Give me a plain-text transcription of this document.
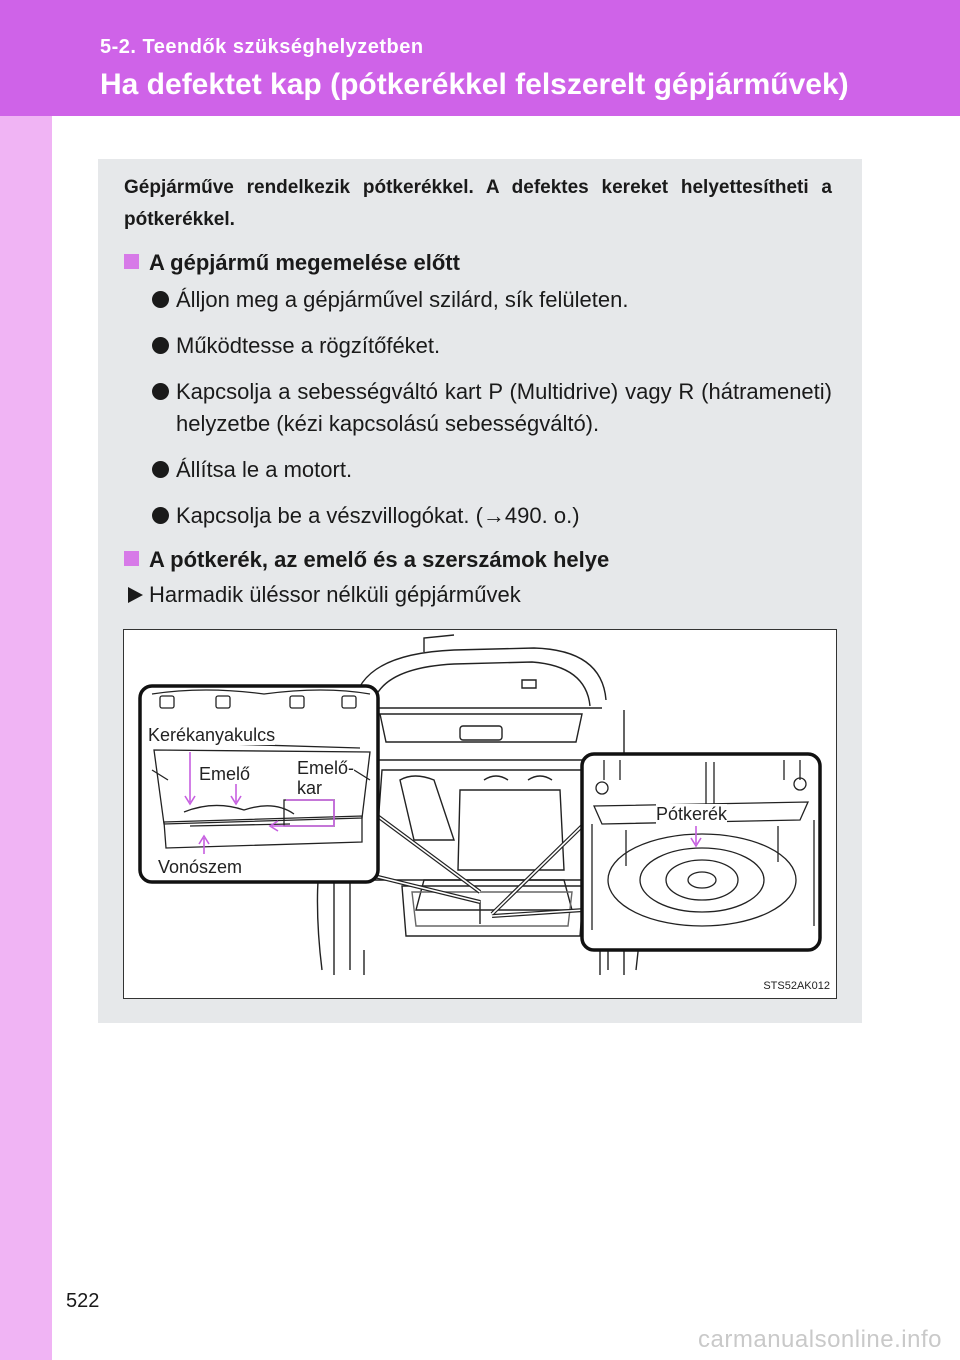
5-2. Teendők szükséghelyzetben
Ha defektet kap (pótkerékkel felszerelt gépjárművek)
Gépjárműve rendelkezik pótkerékkel. A defektes kereket helyettesítheti a pótkerékkel.
A gépjármű megemelése előtt
Álljon meg a gépjárművel szilárd, sík felületen.
Működtesse a rögzítőféket.
Kapcsolja a sebességváltó kart P (Multidrive) vagy R (hátrameneti) helyzetbe (kézi kapcsolású sebességváltó).
Állítsa le a motort.
Kapcsolja be a vészvillogókat. (→490. o.)
A pótkerék, az emelő és a szerszámok helye
Harmadik üléssor nélküli gépjárművek
Kerékanyakulcs
Emelő	Emelő-
kar
Vonószem
Pótkerék
STS52AK012
522
carmanualsonline.info
